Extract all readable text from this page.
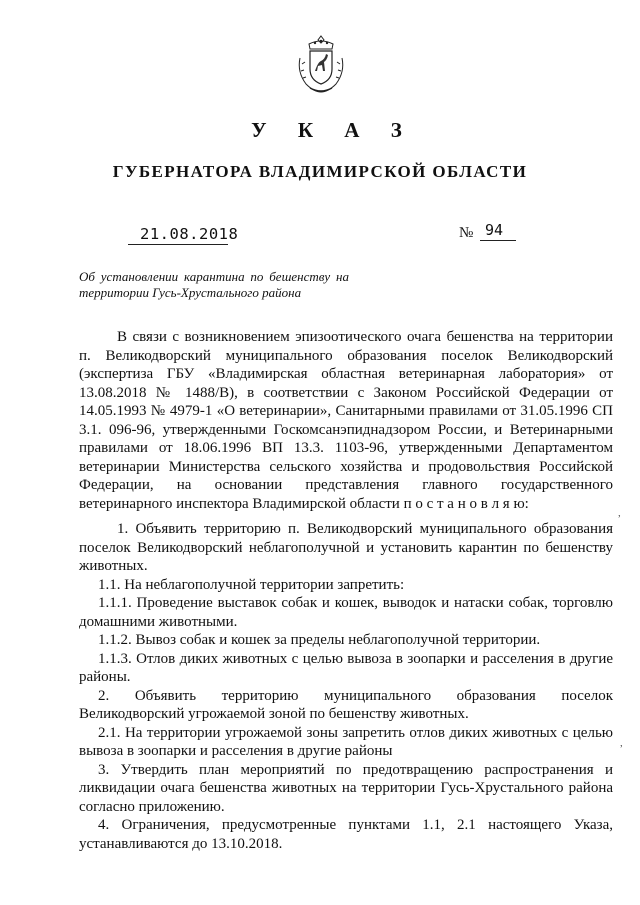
У К А З
ГУБЕРНАТОРА ВЛАДИМИРСКОЙ ОБЛАСТИ
21.08.2018	№ 94
Об установлении карантина по бешенству на территории Гусь-Хрустального района

В связи с возникновением эпизоотического очага бешенства на территории п. Великодворский муниципального образования поселок Великодворский (экспертиза ГБУ «Владимирская областная ветеринарная лаборатория» от 13.08.2018 № 1488/В), в соответствии с Законом Российской Федерации от 14.05.1993 № 4979-1 «О ветеринарии», Санитарными правилами от 31.05.1996 СП 3.1. 096-96, утвержденными Госкомсанэпиднадзором России, и Ветеринарными правилами от 18.06.1996 ВП 13.3. 1103-96, утвержденными Департаментом ветеринарии Министерства сельского хозяйства и продовольствия Российской Федерации, на основании представления главного государственного ветеринарного инспектора Владимирской области п о с т а н о в л я ю:

1. Объявить территорию п. Великодворский муниципального образования поселок Великодворский неблагополучной и установить карантин по бешенству животных.

1.1. На неблагополучной территории запретить:

1.1.1. Проведение выставок собак и кошек, выводок и натаски собак, торговлю домашними животными.

1.1.2. Вывоз собак и кошек за пределы неблагополучной территории.

1.1.3. Отлов диких животных с целью вывоза в зоопарки и расселения в другие районы.

2. Объявить территорию муниципального образования поселок Великодворский угрожаемой зоной по бешенству животных.

2.1. На территории угрожаемой зоны запретить отлов диких животных с целью вывоза в зоопарки и расселения в другие районы

3. Утвердить план мероприятий по предотвращению распространения и ликвидации очага бешенства животных на территории Гусь-Хрустального района согласно приложению.

4. Ограничения, предусмотренные пунктами 1.1, 2.1 настоящего Указа, устанавливаются до 13.10.2018.

,
,
